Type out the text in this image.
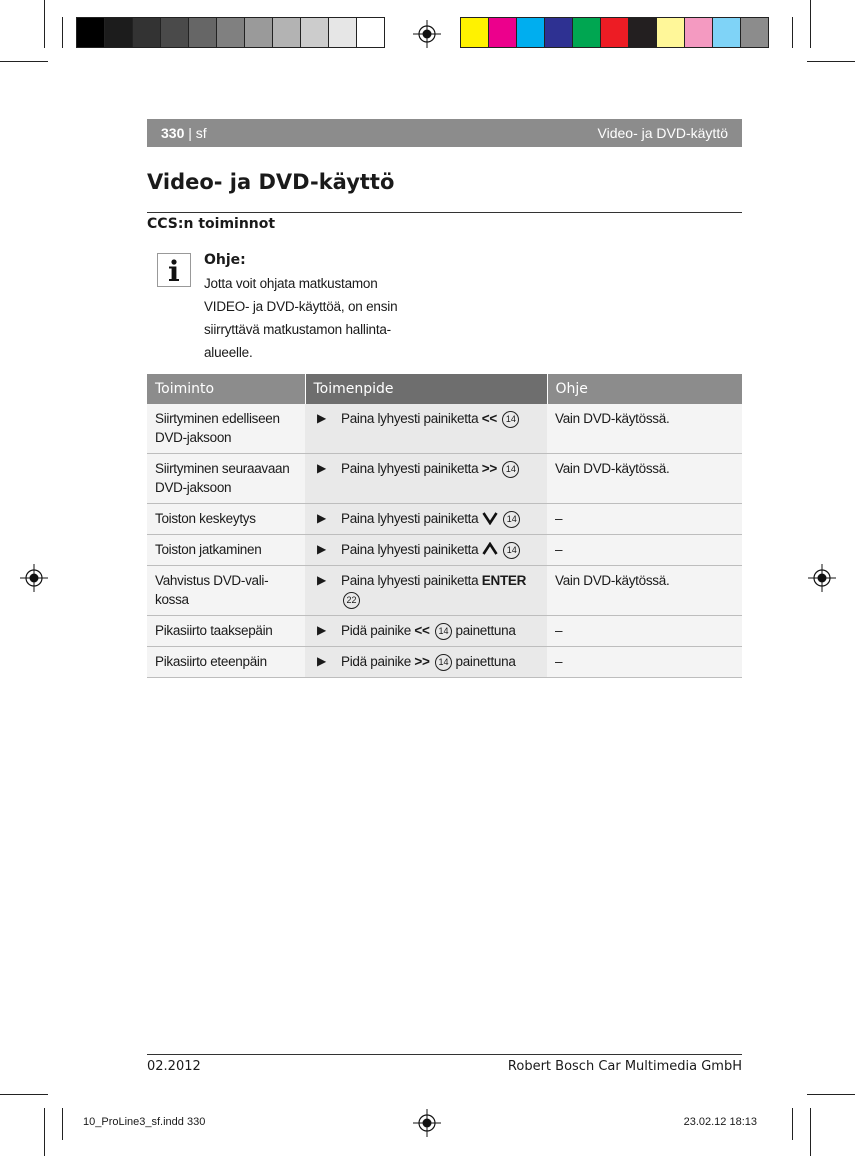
330 | sf	Video- ja DVD-käyttö
Video- ja DVD-käyttö
CCS:n toiminnot
Ohje:
Jotta voit ohjata matkustamon VIDEO- ja DVD-käyttöä, on ensin siirryttävä matkustamon hallinta-alueelle.
Toiminto	Toimenpide	Ohje
Siirtyminen edelliseen DVD-jaksoon	▶ Paina lyhyesti painiketta << 14	Vain DVD-käytössä.
Siirtyminen seuraavaan DVD-jaksoon	▶ Paina lyhyesti painiketta >> 14	Vain DVD-käytössä.
Toiston keskeytys	▶ Paina lyhyesti painiketta 14	–
Toiston jatkaminen	▶ Paina lyhyesti painiketta 14	–
Vahvistus DVD-vali-kossa	▶ Paina lyhyesti painiketta ENTER 22	Vain DVD-käytössä.
Pikasiirto taaksepäin	▶ Pidä painike << 14 painettuna	–
Pikasiirto eteenpäin	▶ Pidä painike >> 14 painettuna	–
02.2012	Robert Bosch Car Multimedia GmbH
10_ProLine3_sf.indd 330	23.02.12 18:13
